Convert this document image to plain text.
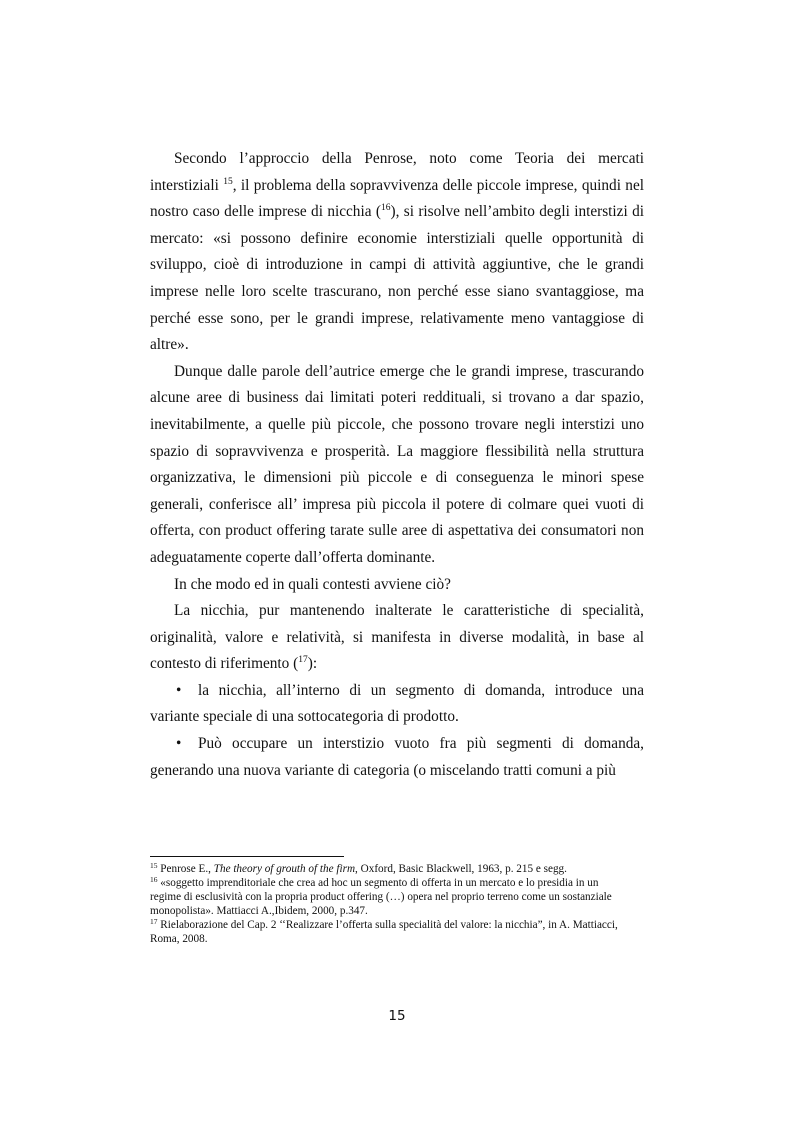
Secondo l’approccio della Penrose, noto come Teoria dei mercati interstiziali $^{15}$, il problema della sopravvivenza delle piccole imprese, quindi nel nostro caso delle imprese di nicchia ($^{16}$), si risolve nell’ambito degli interstizi di mercato: «si possono definire economie interstiziali quelle opportunità di sviluppo, cioè di introduzione in campi di attività aggiuntive, che le grandi imprese nelle loro scelte trascurano, non perché esse siano svantaggiose, ma perché esse sono, per le grandi imprese, relativamente meno vantaggiose di altre».

Dunque dalle parole dell’autrice emerge che le grandi imprese, trascurando alcune aree di business dai limitati poteri reddituali, si trovano a dar spazio, inevitabilmente, a quelle più piccole, che possono trovare negli interstizi uno spazio di sopravvivenza e prosperità. La maggiore flessibilità nella struttura organizzativa, le dimensioni più piccole e di conseguenza le minori spese generali, conferisce all’ impresa più piccola il potere di colmare quei vuoti di offerta, con product offering tarate sulle aree di aspettativa dei consumatori non adeguatamente coperte dall’offerta dominante.

In che modo ed in quali contesti avviene ciò?

La nicchia, pur mantenendo inalterate le caratteristiche di specialità, originalità, valore e relatività, si manifesta in diverse modalità, in base al contesto di riferimento ($^{17}$):

• la nicchia, all’interno di un segmento di domanda, introduce una variante speciale di una sottocategoria di prodotto.

• Può occupare un interstizio vuoto fra più segmenti di domanda, generando una nuova variante di categoria (o miscelando tratti comuni a più

$^{15}$ Penrose E., The theory of grouth of the firm, Oxford, Basic Blackwell, 1963, p. 215 e segg.

$^{16}$ «soggetto imprenditoriale che crea ad hoc un segmento di offerta in un mercato e lo presidia in un regime di esclusività con la propria product offering (…) opera nel proprio terreno come un sostanziale monopolista». Mattiacci A.,Ibidem, 2000, p.347.

$^{17}$ Rielaborazione del Cap. 2 ‘‘Realizzare l’offerta sulla specialità del valore: la nicchia”, in A. Mattiacci, Roma, 2008.

15
